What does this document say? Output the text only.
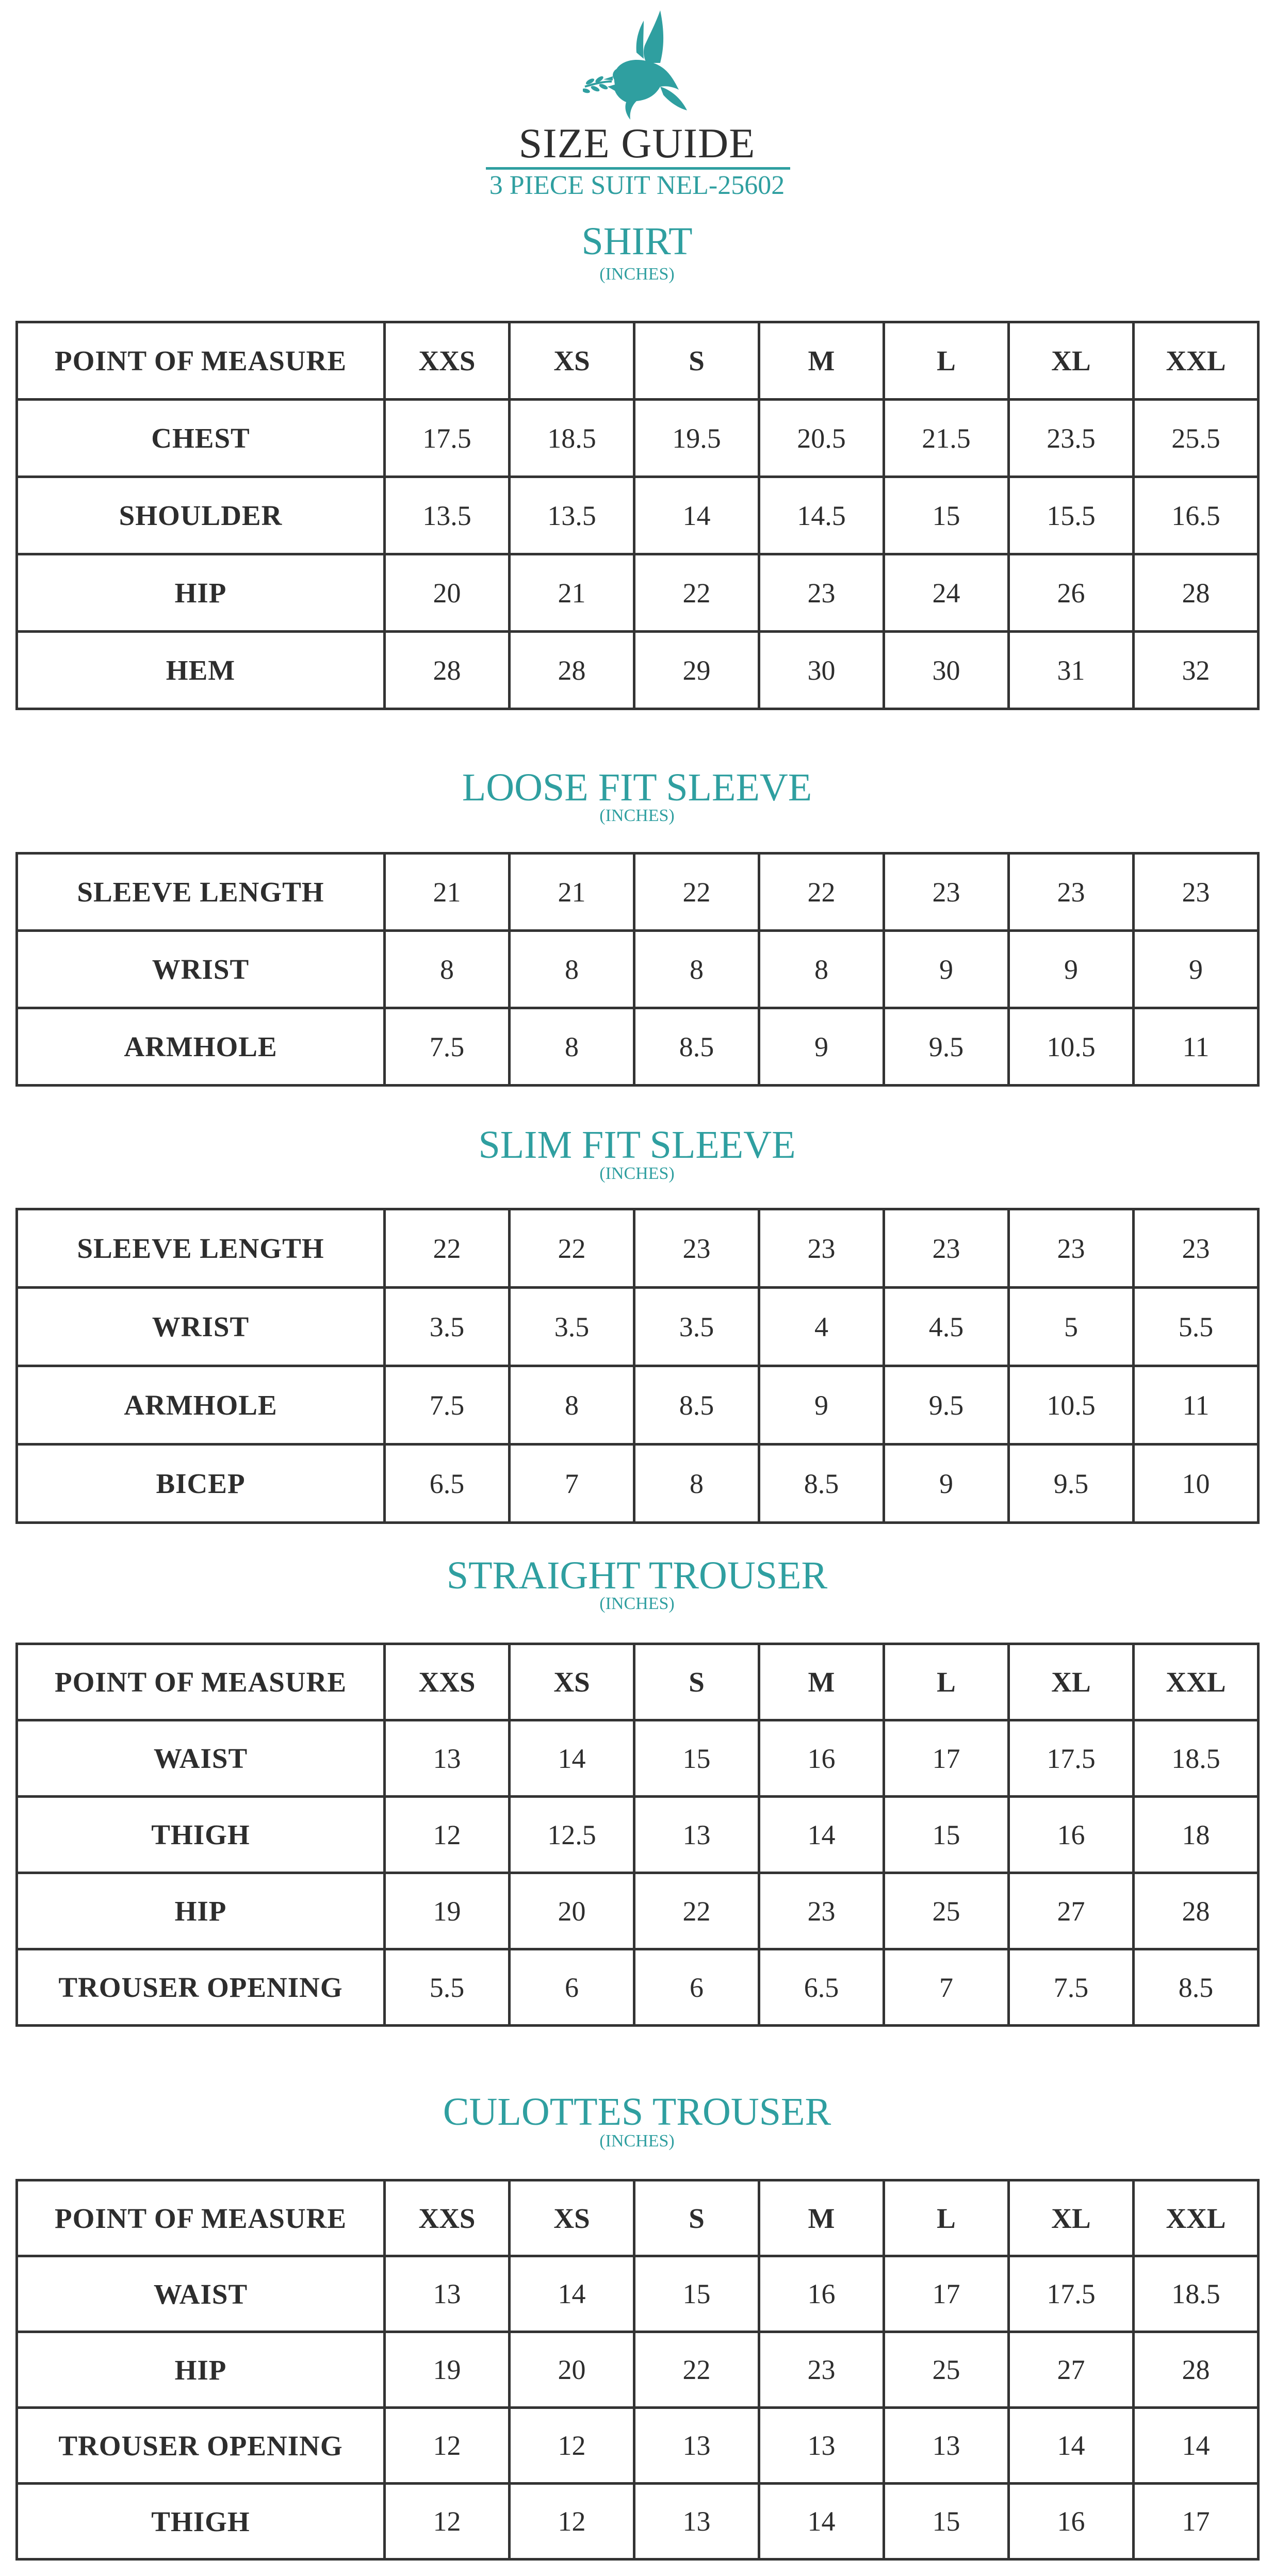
SIZE GUIDE
3 PIECE SUIT NEL-25602
SHIRT
(INCHES)
POINT OF MEASURE	XXS	XS	S	M	L	XL	XXL
CHEST	17.5	18.5	19.5	20.5	21.5	23.5	25.5
SHOULDER	13.5	13.5	14	14.5	15	15.5	16.5
HIP	20	21	22	23	24	26	28
HEM	28	28	29	30	30	31	32
LOOSE FIT SLEEVE
(INCHES)
SLEEVE LENGTH	21	21	22	22	23	23	23
WRIST	8	8	8	8	9	9	9
ARMHOLE	7.5	8	8.5	9	9.5	10.5	11
SLIM FIT SLEEVE
(INCHES)
SLEEVE LENGTH	22	22	23	23	23	23	23
WRIST	3.5	3.5	3.5	4	4.5	5	5.5
ARMHOLE	7.5	8	8.5	9	9.5	10.5	11
BICEP	6.5	7	8	8.5	9	9.5	10
STRAIGHT TROUSER
(INCHES)
POINT OF MEASURE	XXS	XS	S	M	L	XL	XXL
WAIST	13	14	15	16	17	17.5	18.5
THIGH	12	12.5	13	14	15	16	18
HIP	19	20	22	23	25	27	28
TROUSER OPENING	5.5	6	6	6.5	7	7.5	8.5
CULOTTES TROUSER
(INCHES)
POINT OF MEASURE	XXS	XS	S	M	L	XL	XXL
WAIST	13	14	15	16	17	17.5	18.5
HIP	19	20	22	23	25	27	28
TROUSER OPENING	12	12	13	13	13	14	14
THIGH	12	12	13	14	15	16	17
